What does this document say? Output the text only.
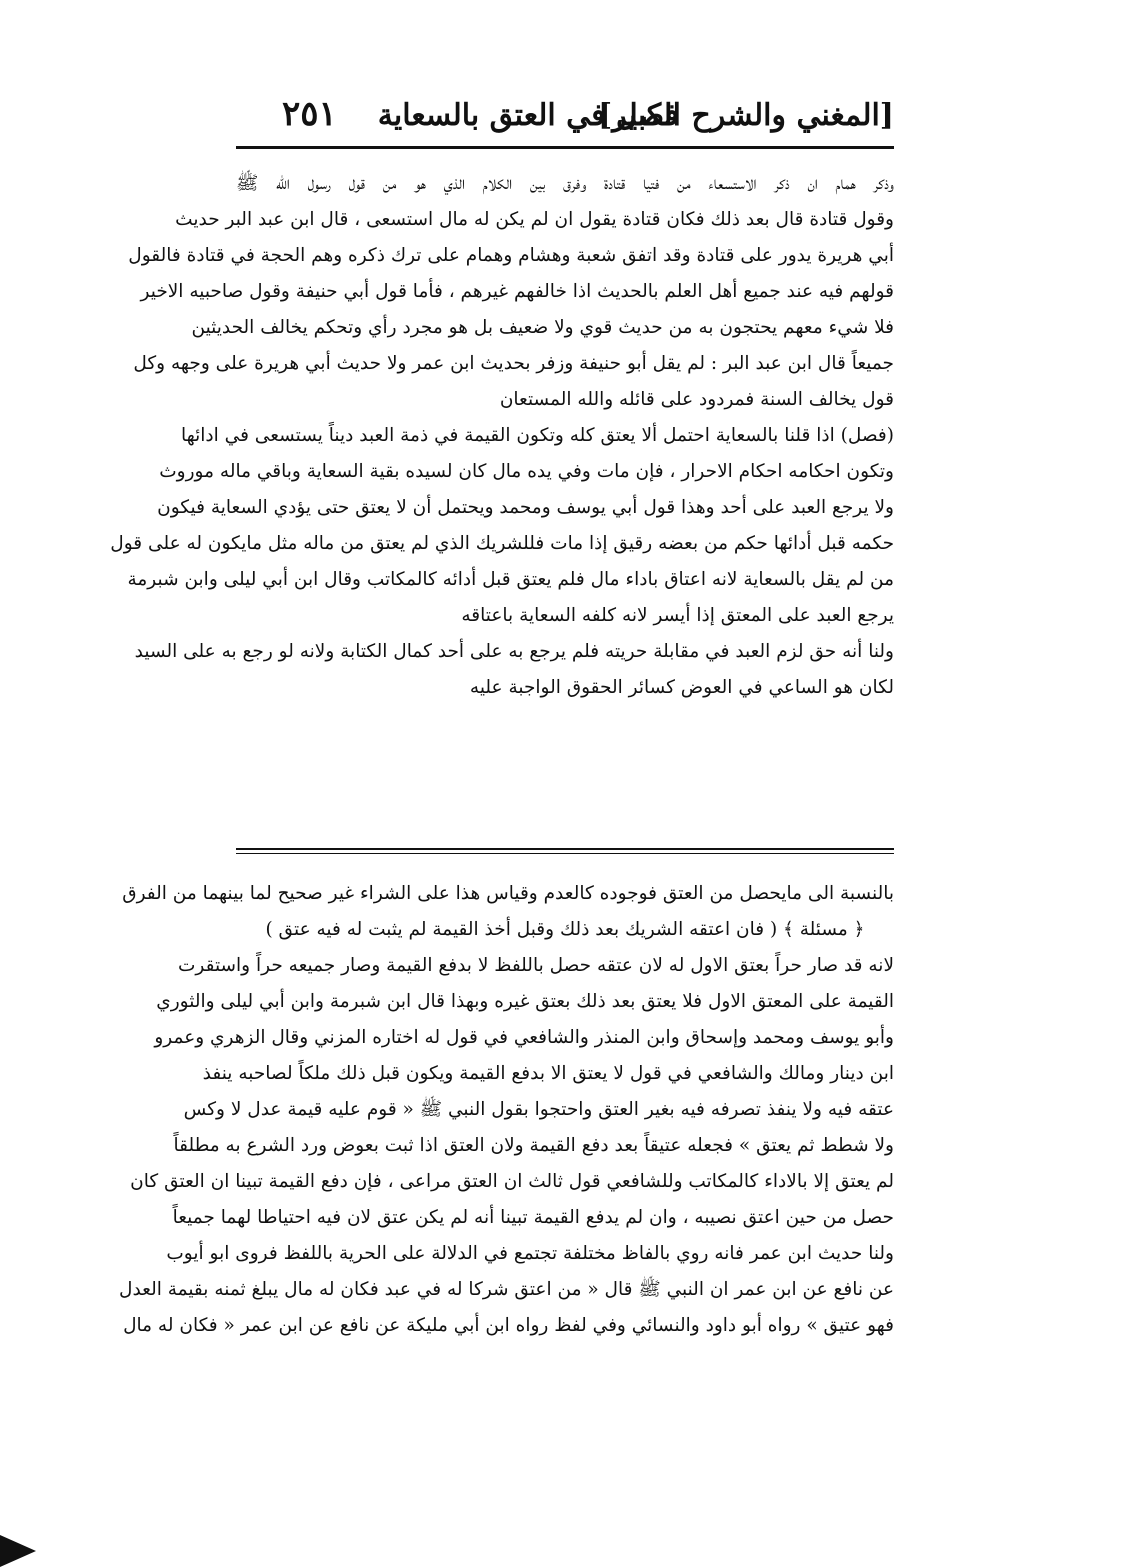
[المغني والشرح الكبير]
فصل في العتق بالسعاية
٢٥١
وذكر همام ان ذكر الاستسعاء من فتيا قتادة وفرق بين الكلام الذي هو من قول رسول الله ﷺ
وقول قتادة قال بعد ذلك فكان قتادة يقول ان لم يكن له مال استسعى ، قال ابن عبد البر حديث
أبي هريرة يدور على قتادة وقد اتفق شعبة وهشام وهمام على ترك ذكره وهم الحجة في قتادة فالقول
قولهم فيه عند جميع أهل العلم بالحديث اذا خالفهم غيرهم ، فأما قول أبي حنيفة وقول صاحبيه الاخير
فلا شيء معهم يحتجون به من حديث قوي ولا ضعيف بل هو مجرد رأي وتحكم يخالف الحديثين
جميعاً قال ابن عبد البر : لم يقل أبو حنيفة وزفر بحديث ابن عمر ولا حديث أبي هريرة على وجهه وكل
قول يخالف السنة فمردود على قائله والله المستعان
(فصل) اذا قلنا بالسعاية احتمل ألا يعتق كله وتكون القيمة في ذمة العبد ديناً يستسعى في ادائها
وتكون احكامه احكام الاحرار ، فإن مات وفي يده مال كان لسيده بقية السعاية وباقي ماله موروث
ولا يرجع العبد على أحد وهذا قول أبي يوسف ومحمد ويحتمل أن لا يعتق حتى يؤدي السعاية فيكون
حكمه قبل أدائها حكم من بعضه رقيق إذا مات فللشريك الذي لم يعتق من ماله مثل مايكون له على قول
من لم يقل بالسعاية لانه اعتاق باداء مال فلم يعتق قبل أدائه كالمكاتب وقال ابن أبي ليلى وابن شبرمة
يرجع العبد على المعتق إذا أيسر لانه كلفه السعاية باعتاقه
ولنا أنه حق لزم العبد في مقابلة حريته فلم يرجع به على أحد كمال الكتابة ولانه لو رجع به على السيد
لكان هو الساعي في العوض كسائر الحقوق الواجبة عليه
بالنسبة الى مايحصل من العتق فوجوده كالعدم وقياس هذا على الشراء غير صحيح لما بينهما من الفرق
﴿ مسئلة ﴾ ( فان اعتقه الشريك بعد ذلك وقبل أخذ القيمة لم يثبت له فيه عتق )
لانه قد صار حراً بعتق الاول له لان عتقه حصل باللفظ لا بدفع القيمة وصار جميعه حراً واستقرت
القيمة على المعتق الاول فلا يعتق بعد ذلك بعتق غيره وبهذا قال ابن شبرمة وابن أبي ليلى والثوري
وأبو يوسف ومحمد وإسحاق وابن المنذر والشافعي في قول له اختاره المزني وقال الزهري وعمرو
ابن دينار ومالك والشافعي في قول لا يعتق الا بدفع القيمة ويكون قبل ذلك ملكاً لصاحبه ينفذ
عتقه فيه ولا ينفذ تصرفه فيه بغير العتق واحتجوا بقول النبي ﷺ « قوم عليه قيمة عدل لا وكس
ولا شطط ثم يعتق » فجعله عتيقاً بعد دفع القيمة ولان العتق اذا ثبت بعوض ورد الشرع به مطلقاً
لم يعتق إلا بالاداء كالمكاتب وللشافعي قول ثالث ان العتق مراعى ، فإن دفع القيمة تبينا ان العتق كان
حصل من حين اعتق نصيبه ، وان لم يدفع القيمة تبينا أنه لم يكن عتق لان فيه احتياطا لهما جميعاً
ولنا حديث ابن عمر فانه روي بالفاظ مختلفة تجتمع في الدلالة على الحرية باللفظ فروى ابو أيوب
عن نافع عن ابن عمر ان النبي ﷺ قال « من اعتق شركا له في عبد فكان له مال يبلغ ثمنه بقيمة العدل
فهو عتيق » رواه أبو داود والنسائي وفي لفظ رواه ابن أبي مليكة عن نافع عن ابن عمر « فكان له مال
